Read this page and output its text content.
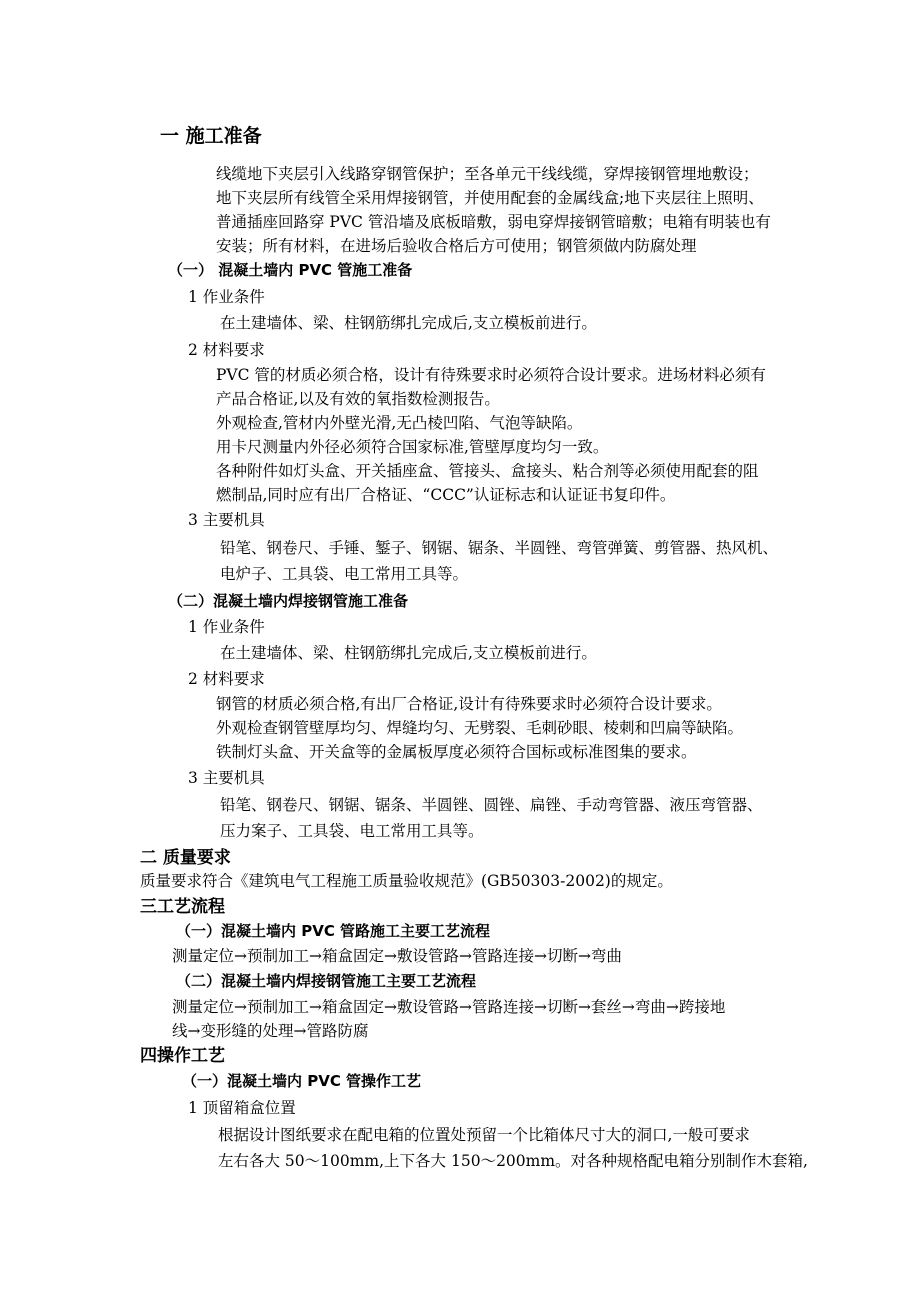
一 施工准备
线缆地下夹层引入线路穿钢管保护；至各单元干线线缆，穿焊接钢管埋地敷设；
地下夹层所有线管全采用焊接钢管，并使用配套的金属线盒;地下夹层往上照明、
普通插座回路穿 PVC 管沿墙及底板暗敷，弱电穿焊接钢管暗敷；电箱有明装也有
安装；所有材料，在进场后验收合格后方可使用；钢管须做内防腐处理
（一） 混凝土墙内 PVC 管施工准备
1 作业条件
在土建墙体、梁、柱钢筋绑扎完成后,支立模板前进行。
2 材料要求
PVC 管的材质必须合格，设计有待殊要求时必须符合设计要求。进场材料必须有
产品合格证,以及有效的氧指数检测报告。
外观检查,管材内外壁光滑,无凸棱凹陷、气泡等缺陷。
用卡尺测量内外径必须符合国家标准,管壁厚度均匀一致。
各种附件如灯头盒、开关插座盒、管接头、盒接头、粘合剂等必须使用配套的阻
燃制品,同时应有出厂合格证、“CCC”认证标志和认证证书复印件。
3 主要机具
铅笔、钢卷尺、手锤、錾子、钢锯、锯条、半圆锉、弯管弹簧、剪管器、热风机、
电炉子、工具袋、电工常用工具等。
（二）混凝土墙内焊接钢管施工准备
1 作业条件
在土建墙体、梁、柱钢筋绑扎完成后,支立模板前进行。
2 材料要求
钢管的材质必须合格,有出厂合格证,设计有待殊要求时必须符合设计要求。
外观检查钢管壁厚均匀、焊缝均匀、无劈裂、毛刺砂眼、棱刺和凹扁等缺陷。
铁制灯头盒、开关盒等的金属板厚度必须符合国标或标准图集的要求。
3 主要机具
铅笔、钢卷尺、钢锯、锯条、半圆锉、圆锉、扁锉、手动弯管器、液压弯管器、
压力案子、工具袋、电工常用工具等。
二 质量要求
质量要求符合《建筑电气工程施工质量验收规范》(GB50303-2002)的规定。
三工艺流程
（一）混凝土墙内 PVC 管路施工主要工艺流程
测量定位→预制加工→箱盒固定→敷设管路→管路连接→切断→弯曲
（二）混凝土墙内焊接钢管施工主要工艺流程
测量定位→预制加工→箱盒固定→敷设管路→管路连接→切断→套丝→弯曲→跨接地
线→变形缝的处理→管路防腐
四操作工艺
（一）混凝土墙内 PVC 管操作工艺
1 顶留箱盒位置
根据设计图纸要求在配电箱的位置处预留一个比箱体尺寸大的洞口,一般可要求
左右各大 50～100mm,上下各大 150～200mm。对各种规格配电箱分别制作木套箱,
